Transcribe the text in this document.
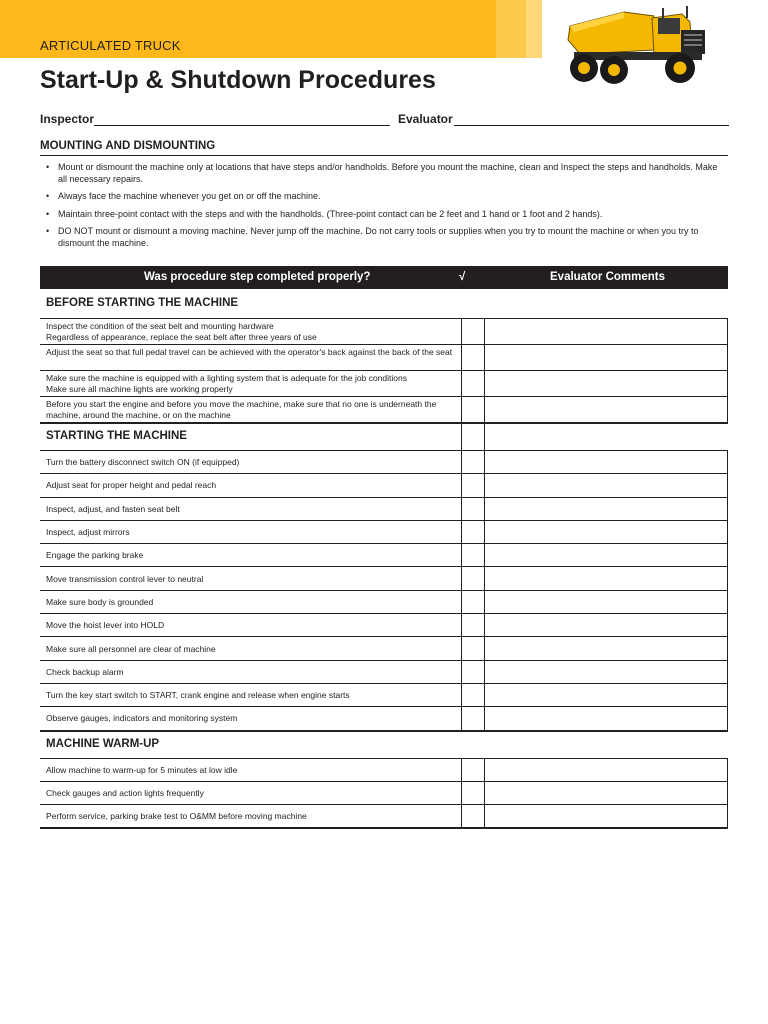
ARTICULATED TRUCK
Start-Up & Shutdown Procedures
Inspector	Evaluator
MOUNTING AND DISMOUNTING
• Mount or dismount the machine only at locations that have steps and/or handholds. Before you mount the machine, clean and Inspect the steps and handholds. Make all necessary repairs.
• Always face the machine whenever you get on or off the machine.
• Maintain three-point contact with the steps and with the handholds. (Three-point contact can be 2 feet and 1 hand or 1 foot and 2 hands).
• DO NOT mount or dismount a moving machine. Never jump off the machine. Do not carry tools or supplies when you try to mount the machine or when you try to dismount the machine.
Was procedure step completed properly?	√	Evaluator Comments
BEFORE STARTING THE MACHINE
Inspect the condition of the seat belt and mounting hardware
Regardless of appearance, replace the seat belt after three years of use
Adjust the seat so that full pedal travel can be achieved with the operator's back against the back of the seat
Make sure the machine is equipped with a lighting system that is adequate for the job conditions
Make sure all machine lights are working properly
Before you start the engine and before you move the machine, make sure that no one is underneath the machine, around the machine, or on the machine
STARTING THE MACHINE
Turn the battery disconnect switch ON (if equipped)
Adjust seat for proper height and pedal reach
Inspect, adjust, and fasten seat belt
Inspect, adjust mirrors
Engage the parking brake
Move transmission control lever to neutral
Make sure body is grounded
Move the hoist lever into HOLD
Make sure all personnel are clear of machine
Check backup alarm
Turn the key start switch to START, crank engine and release when engine starts
Observe gauges, indicators and monitoring system
MACHINE WARM-UP
Allow machine to warm-up for 5 minutes at low idle
Check gauges and action lights frequently
Perform service, parking brake test to O&MM before moving machine
